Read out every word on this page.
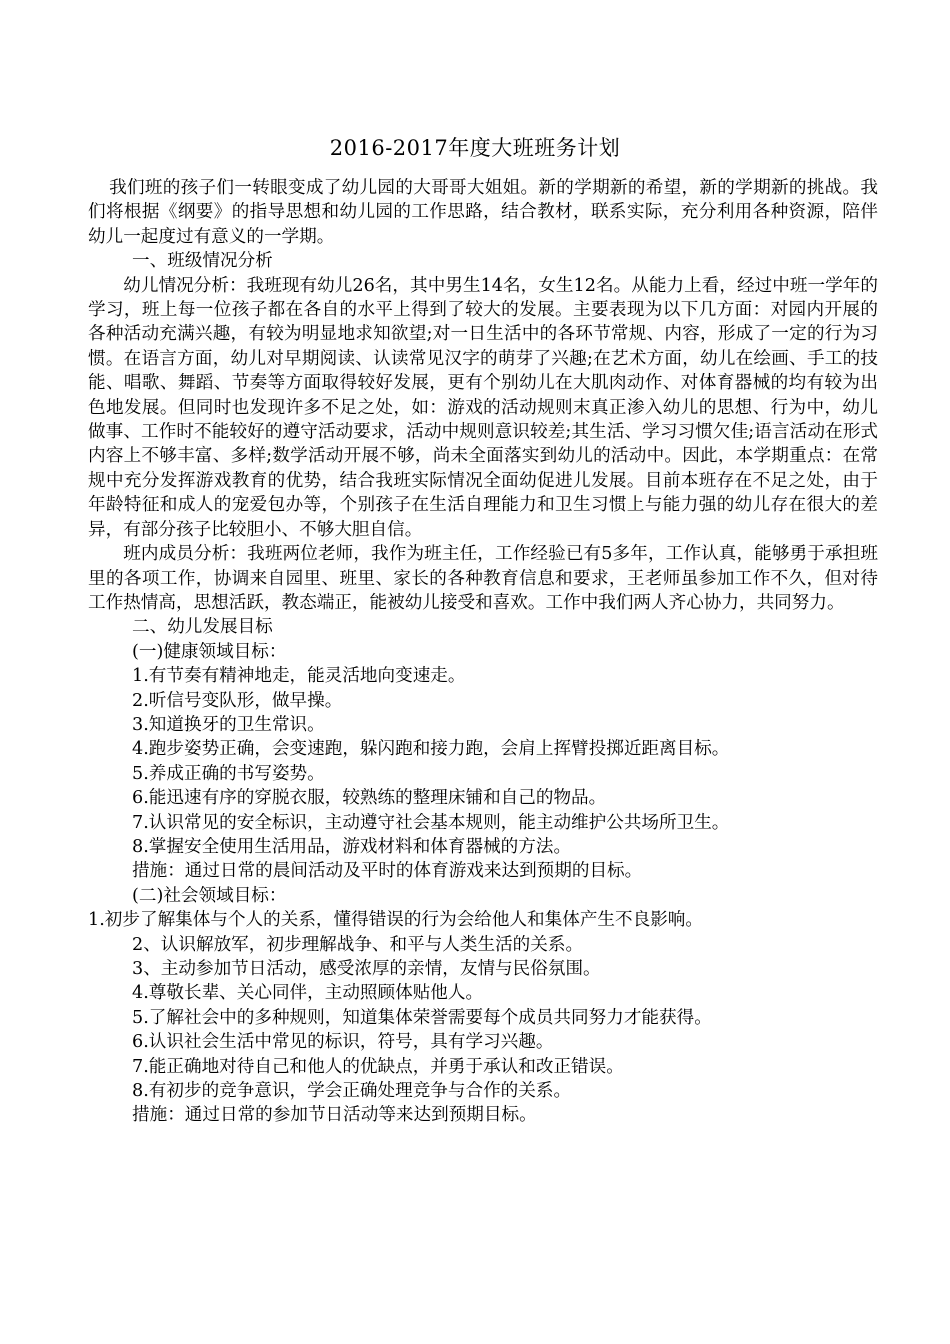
2016-2017年度大班班务计划

我们班的孩子们一转眼变成了幼儿园的大哥哥大姐姐。新的学期新的希望，新的学期新的挑战。我们将根据《纲要》的指导思想和幼儿园的工作思路，结合教材，联系实际，充分利用各种资源，陪伴幼儿一起度过有意义的一学期。

一、班级情况分析

幼儿情况分析：我班现有幼儿26名，其中男生14名，女生12名。从能力上看，经过中班一学年的学习，班上每一位孩子都在各自的水平上得到了较大的发展。主要表现为以下几方面：对园内开展的各种活动充满兴趣，有较为明显地求知欲望;对一日生活中的各环节常规、内容，形成了一定的行为习惯。在语言方面，幼儿对早期阅读、认读常见汉字的萌芽了兴趣;在艺术方面，幼儿在绘画、手工的技能、唱歌、舞蹈、节奏等方面取得较好发展，更有个别幼儿在大肌肉动作、对体育器械的均有较为出色地发展。但同时也发现许多不足之处，如：游戏的活动规则末真正渗入幼儿的思想、行为中，幼儿做事、工作时不能较好的遵守活动要求，活动中规则意识较差;其生活、学习习惯欠佳;语言活动在形式内容上不够丰富、多样;数学活动开展不够，尚未全面落实到幼儿的活动中。因此，本学期重点：在常规中充分发挥游戏教育的优势，结合我班实际情况全面幼促进儿发展。目前本班存在不足之处，由于年龄特征和成人的宠爱包办等，个别孩子在生活自理能力和卫生习惯上与能力强的幼儿存在很大的差异，有部分孩子比较胆小、不够大胆自信。

班内成员分析：我班两位老师，我作为班主任，工作经验已有5多年，工作认真，能够勇于承担班里的各项工作，协调来自园里、班里、家长的各种教育信息和要求，王老师虽参加工作不久，但对待工作热情高，思想活跃，教态端正，能被幼儿接受和喜欢。工作中我们两人齐心协力，共同努力。

二、幼儿发展目标

(一)健康领域目标：

1.有节奏有精神地走，能灵活地向变速走。

2.听信号变队形，做早操。

3.知道换牙的卫生常识。

4.跑步姿势正确，会变速跑，躲闪跑和接力跑，会肩上挥臂投掷近距离目标。

5.养成正确的书写姿势。

6.能迅速有序的穿脱衣服，较熟练的整理床铺和自己的物品。

7.认识常见的安全标识，主动遵守社会基本规则，能主动维护公共场所卫生。

8.掌握安全使用生活用品，游戏材料和体育器械的方法。

措施：通过日常的晨间活动及平时的体育游戏来达到预期的目标。

(二)社会领域目标：

1.初步了解集体与个人的关系，懂得错误的行为会给他人和集体产生不良影响。

2、认识解放军，初步理解战争、和平与人类生活的关系。

3、主动参加节日活动，感受浓厚的亲情，友情与民俗氛围。

4.尊敬长辈、关心同伴，主动照顾体贴他人。

5.了解社会中的多种规则，知道集体荣誉需要每个成员共同努力才能获得。

6.认识社会生活中常见的标识，符号，具有学习兴趣。

7.能正确地对待自己和他人的优缺点，并勇于承认和改正错误。

8.有初步的竞争意识，学会正确处理竞争与合作的关系。

措施：通过日常的参加节日活动等来达到预期目标。
